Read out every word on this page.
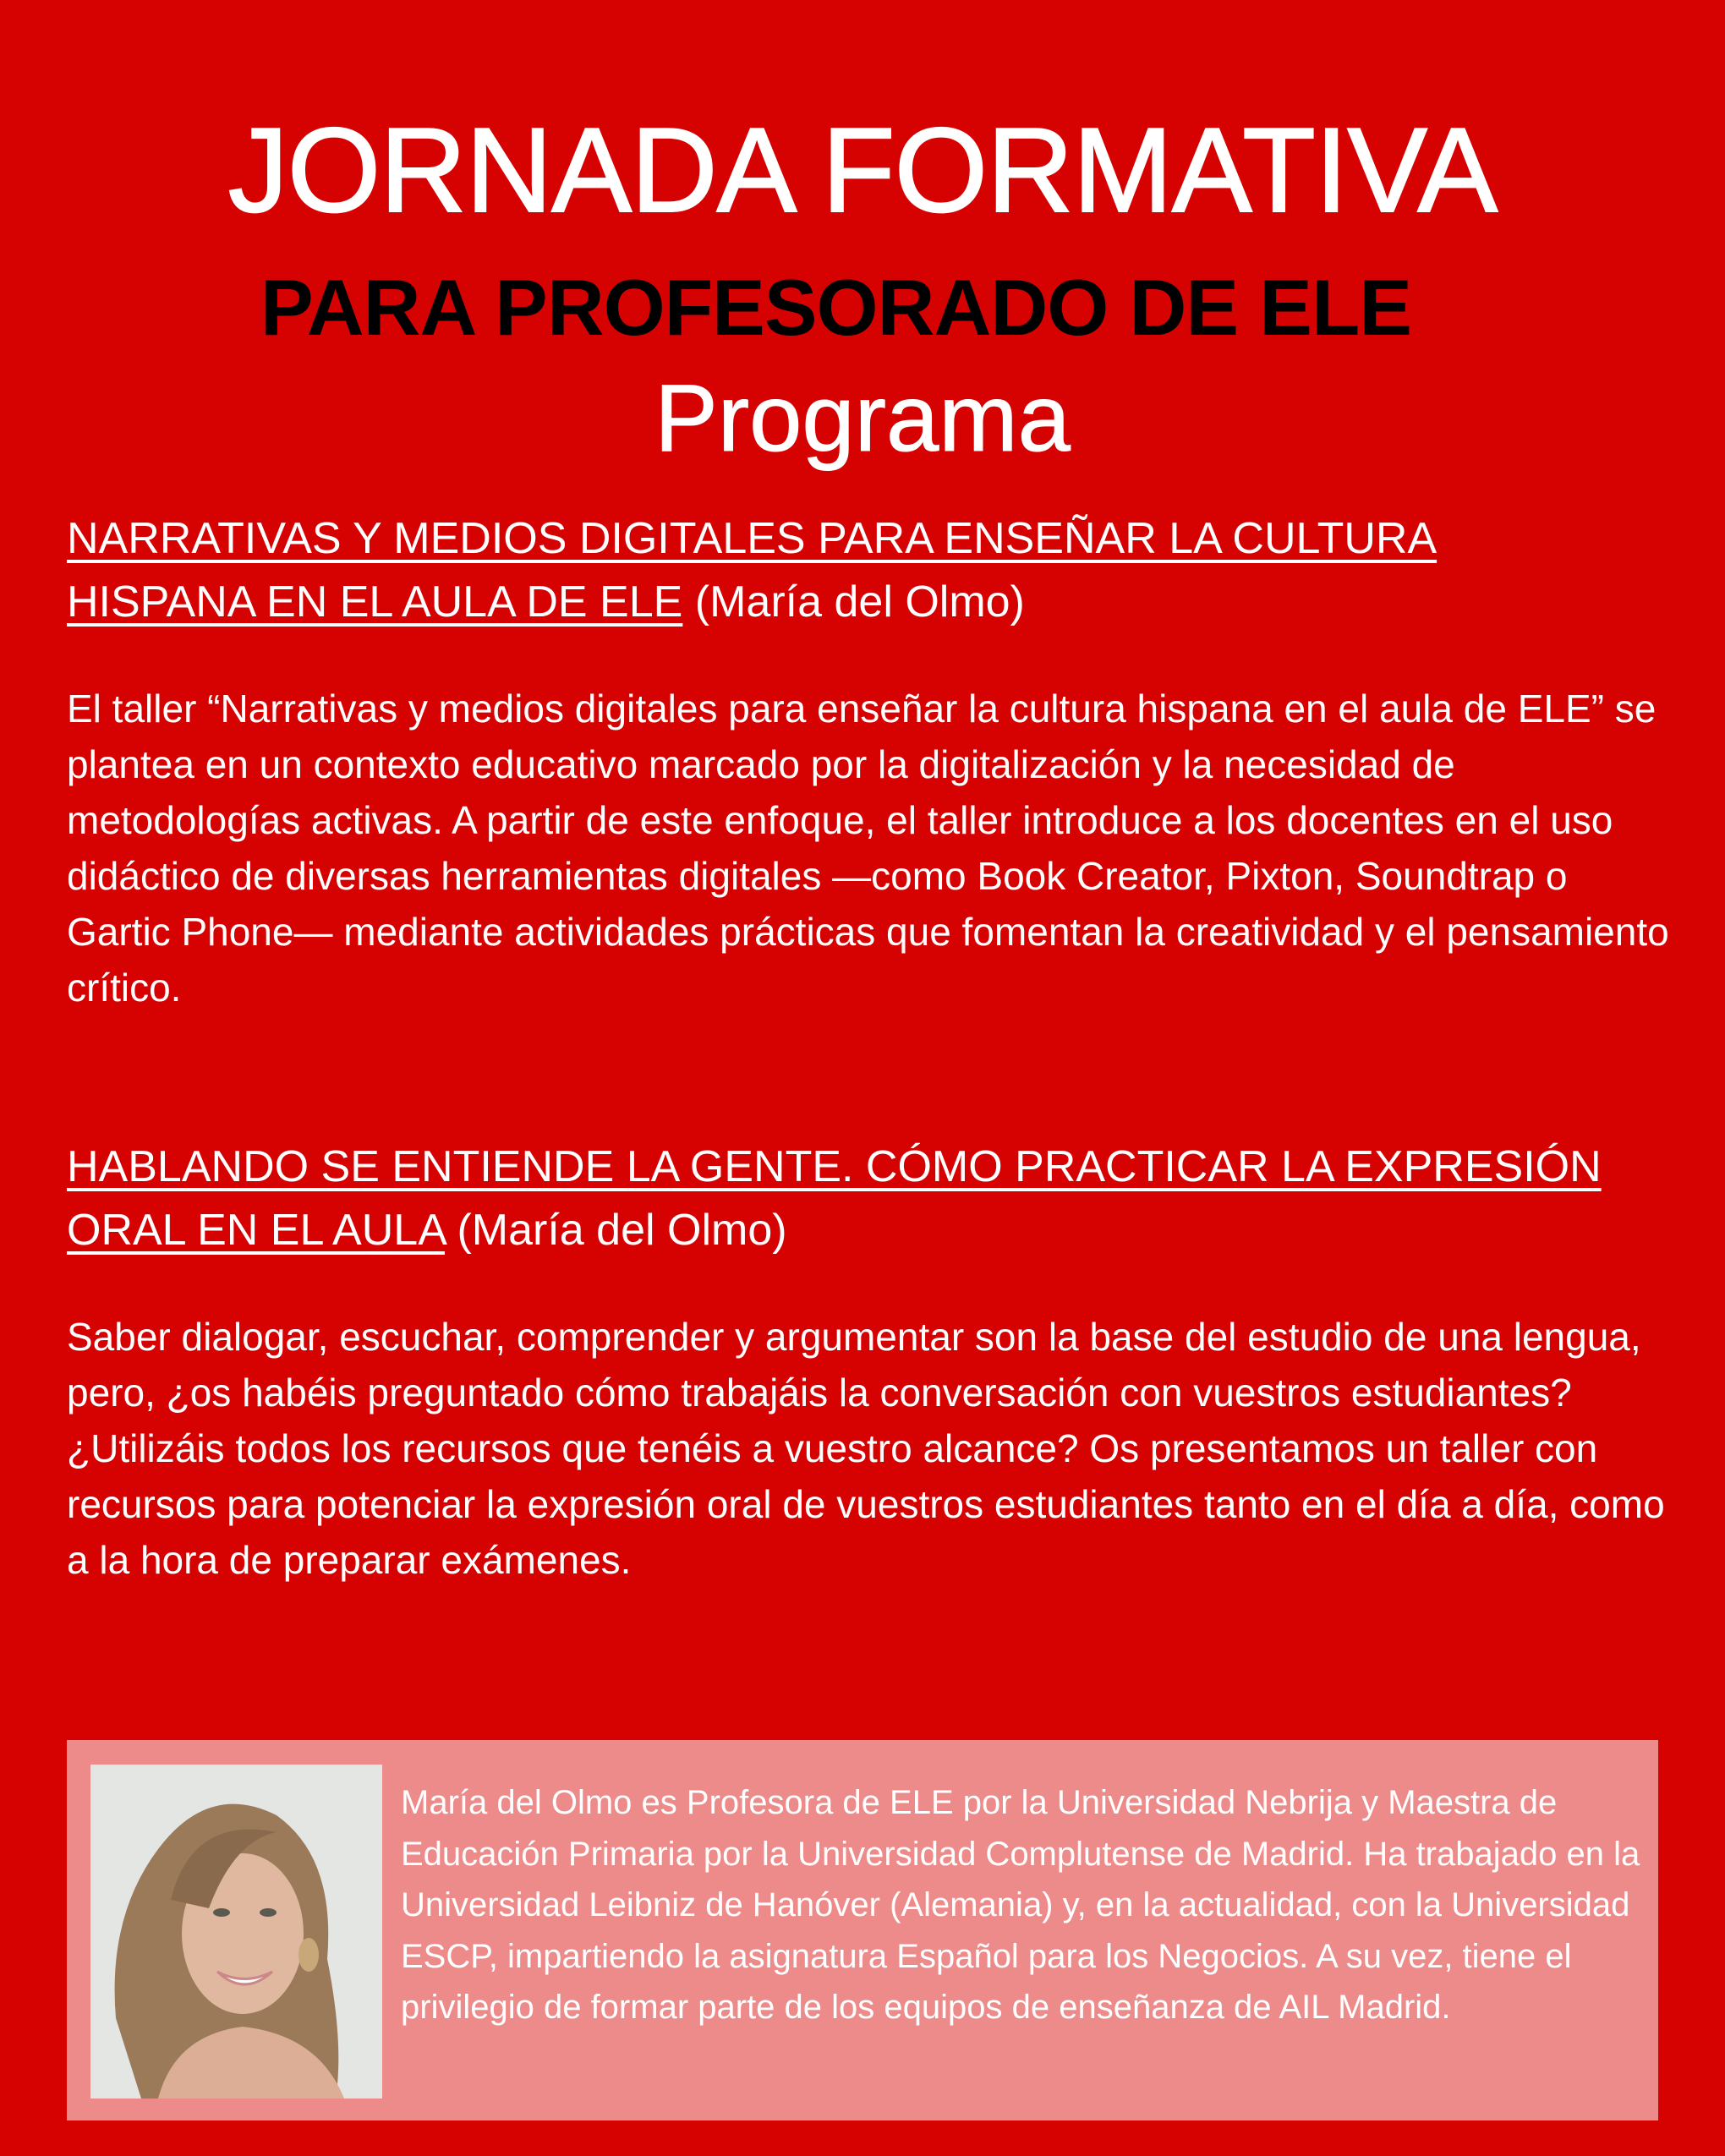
JORNADA FORMATIVA
PARA PROFESORADO DE ELE
Programa
NARRATIVAS Y MEDIOS DIGITALES PARA ENSEÑAR LA CULTURA
HISPANA EN EL AULA DE ELE (María del Olmo)
El taller “Narrativas y medios digitales para enseñar la cultura hispana en el aula de ELE” se plantea en un contexto educativo marcado por la digitalización y la necesidad de metodologías activas. A partir de este enfoque, el taller introduce a los docentes en el uso didáctico de diversas herramientas digitales —como Book Creator, Pixton, Soundtrap o Gartic Phone— mediante actividades prácticas que fomentan la creatividad y el pensamiento crítico.
HABLANDO SE ENTIENDE LA GENTE. CÓMO PRACTICAR LA EXPRESIÓN
ORAL EN EL AULA (María del Olmo)
Saber dialogar, escuchar, comprender y argumentar son la base del estudio de una lengua, pero, ¿os habéis preguntado cómo trabajáis la conversación con vuestros estudiantes? ¿Utilizáis todos los recursos que tenéis a vuestro alcance? Os presentamos un taller con recursos para potenciar la expresión oral de vuestros estudiantes tanto en el día a día, como a la hora de preparar exámenes.
María del Olmo es Profesora de ELE por la Universidad Nebrija y Maestra de Educación Primaria por la Universidad Complutense de Madrid. Ha trabajado en la Universidad Leibniz de Hanóver (Alemania) y, en la actualidad, con la Universidad ESCP, impartiendo la asignatura Español para los Negocios. A su vez, tiene el privilegio de formar parte de los equipos de enseñanza de AIL Madrid.
